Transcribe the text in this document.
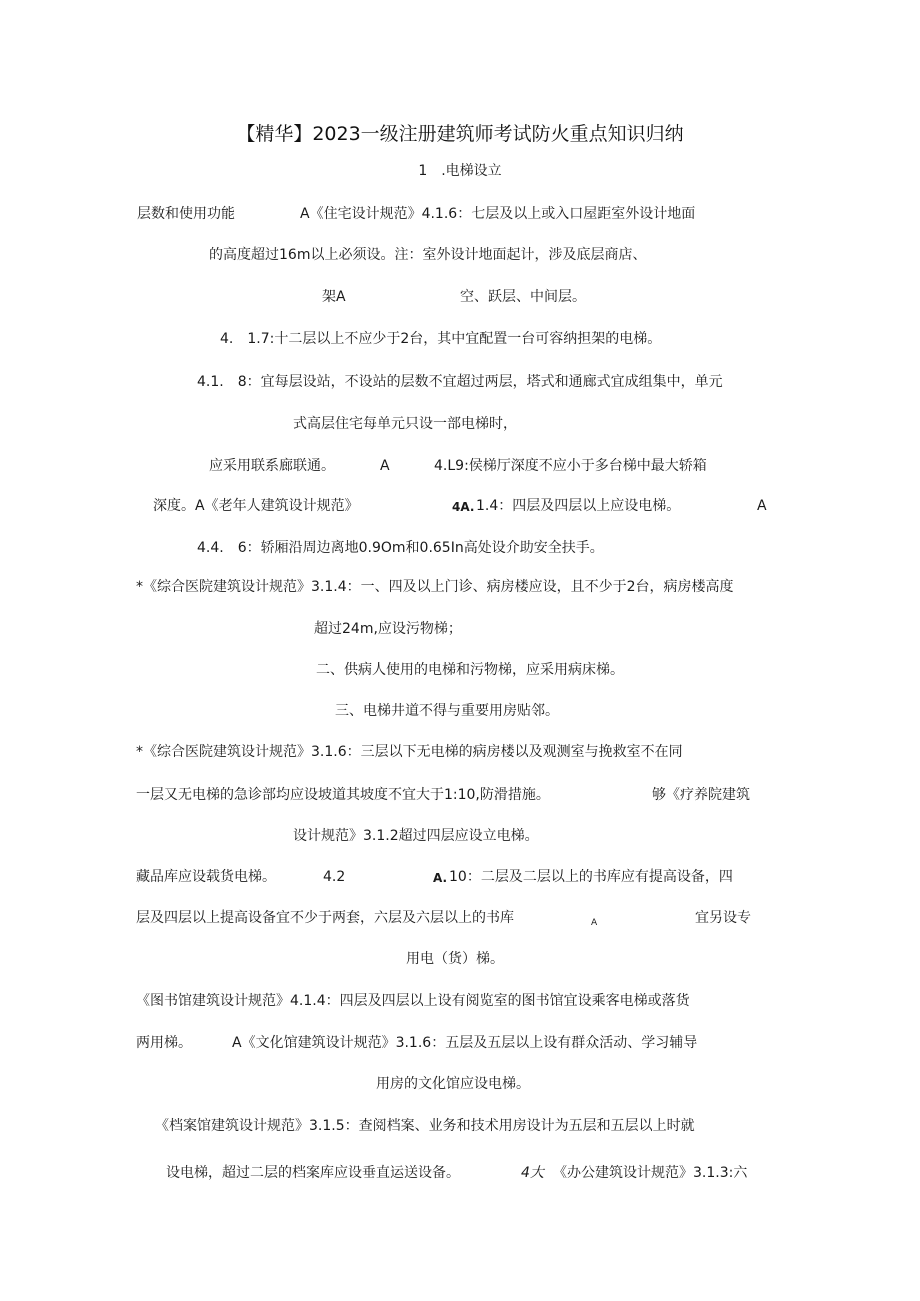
【精华】2023一级注册建筑师考试防火重点知识归纳
1　.电梯设立
层数和使用功能	A《住宅设计规范》4.1.6：七层及以上或入口屋距室外设计地面
的高度超过16m以上必须设。注：室外设计地面起计，涉及底层商店、
架A	空、跃层、中间层。
4.　1.7:十二层以上不应少于2台，其中宜配置一台可容纳担架的电梯。
4.1.　8：宜每层设站，不设站的层数不宜超过两层，塔式和通廊式宜成组集中，单元
式高层住宅每单元只设一部电梯时，
应采用联系廊联通。	A	4.L9:侯梯厅深度不应小于多台梯中最大轿箱
深度。A《老年人建筑设计规范》	4A. 1.4：四层及四层以上应设电梯。	A
4.4.　6：轿厢沿周边离地0.9Om和0.65In高处设介助安全扶手。
*《综合医院建筑设计规范》3.1.4：一、四及以上门诊、病房楼应设，且不少于2台，病房楼高度
超过24m,应设污物梯；
二、供病人使用的电梯和污物梯，应采用病床梯。
三、电梯井道不得与重要用房贴邻。
*《综合医院建筑设计规范》3.1.6：三层以下无电梯的病房楼以及观测室与挽救室不在同
一层又无电梯的急诊部均应设坡道其坡度不宜大于1:10,防滑措施。	够《疗养院建筑
设计规范》3.1.2超过四层应设立电梯。
藏品库应设载货电梯。	4.2	A. 10：二层及二层以上的书库应有提高设备，四
层及四层以上提高设备宜不少于两套，六层及六层以上的书库	A	宜另设专
用电（货）梯。
《图书馆建筑设计规范》4.1.4：四层及四层以上设有阅览室的图书馆宜设乘客电梯或落货
两用梯。	A《文化馆建筑设计规范》3.1.6：五层及五层以上设有群众活动、学习辅导
用房的文化馆应设电梯。
《档案馆建筑设计规范》3.1.5：查阅档案、业务和技术用房设计为五层和五层以上时就
设电梯，超过二层的档案库应设垂直运送设备。	4大 《办公建筑设计规范》3.1.3:六
